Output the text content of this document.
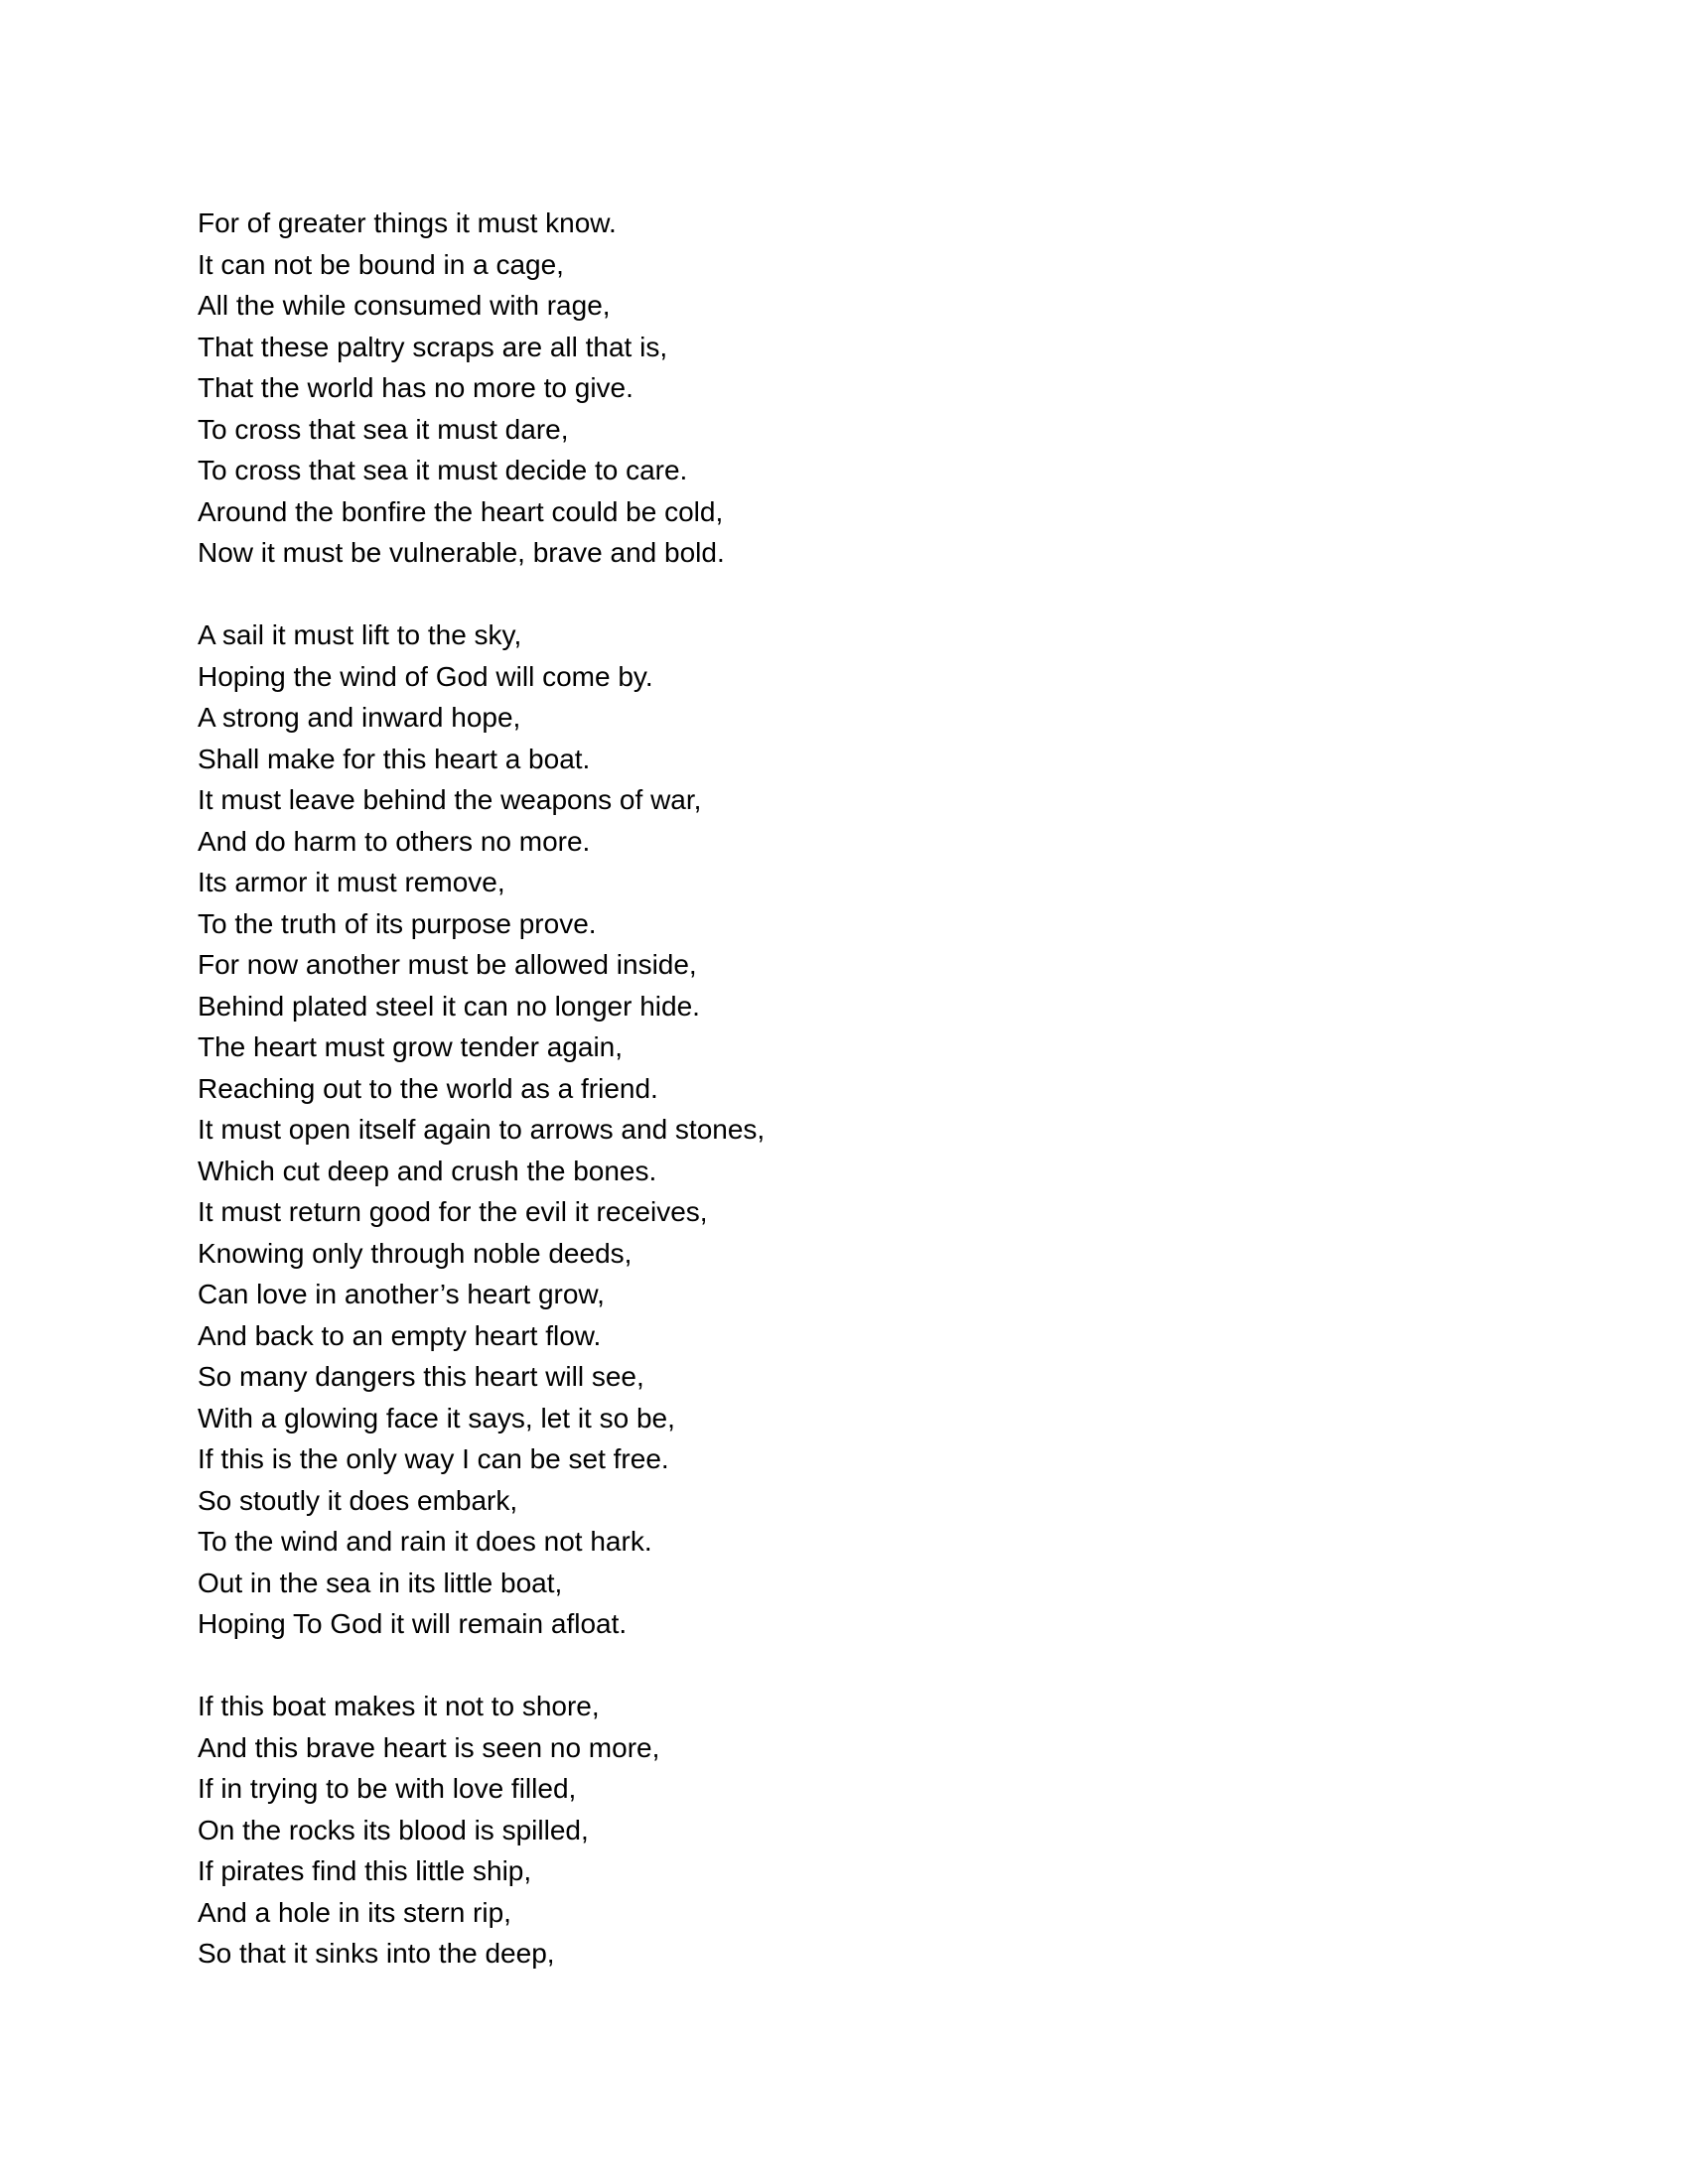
For of greater things it must know.
It can not be bound in a cage,
All the while consumed with rage,
That these paltry scraps are all that is,
That the world has no more to give.
To cross that sea it must dare,
To cross that sea it must decide to care.
Around the bonfire the heart could be cold,
Now it must be vulnerable, brave and bold.
A sail it must lift to the sky,
Hoping the wind of God will come by.
A strong and inward hope,
Shall make for this heart a boat.
It must leave behind the weapons of war,
And do harm to others no more.
Its armor it must remove,
To the truth of its purpose prove.
For now another must be allowed inside,
Behind plated steel it can no longer hide.
The heart must grow tender again,
Reaching out to the world as a friend.
It must open itself again to arrows and stones,
Which cut deep and crush the bones.
It must return good for the evil it receives,
Knowing only through noble deeds,
Can love in another’s heart grow,
And back to an empty heart flow.
So many dangers this heart will see,
With a glowing face it says, let it so be,
If this is the only way I can be set free.
So stoutly it does embark,
To the wind and rain it does not hark.
Out in the sea in its little boat,
Hoping To God it will remain afloat.
If this boat makes it not to shore,
And this brave heart is seen no more,
If in trying to be with love filled,
On the rocks its blood is spilled,
If pirates find this little ship,
And a hole in its stern rip,
So that it sinks into the deep,
